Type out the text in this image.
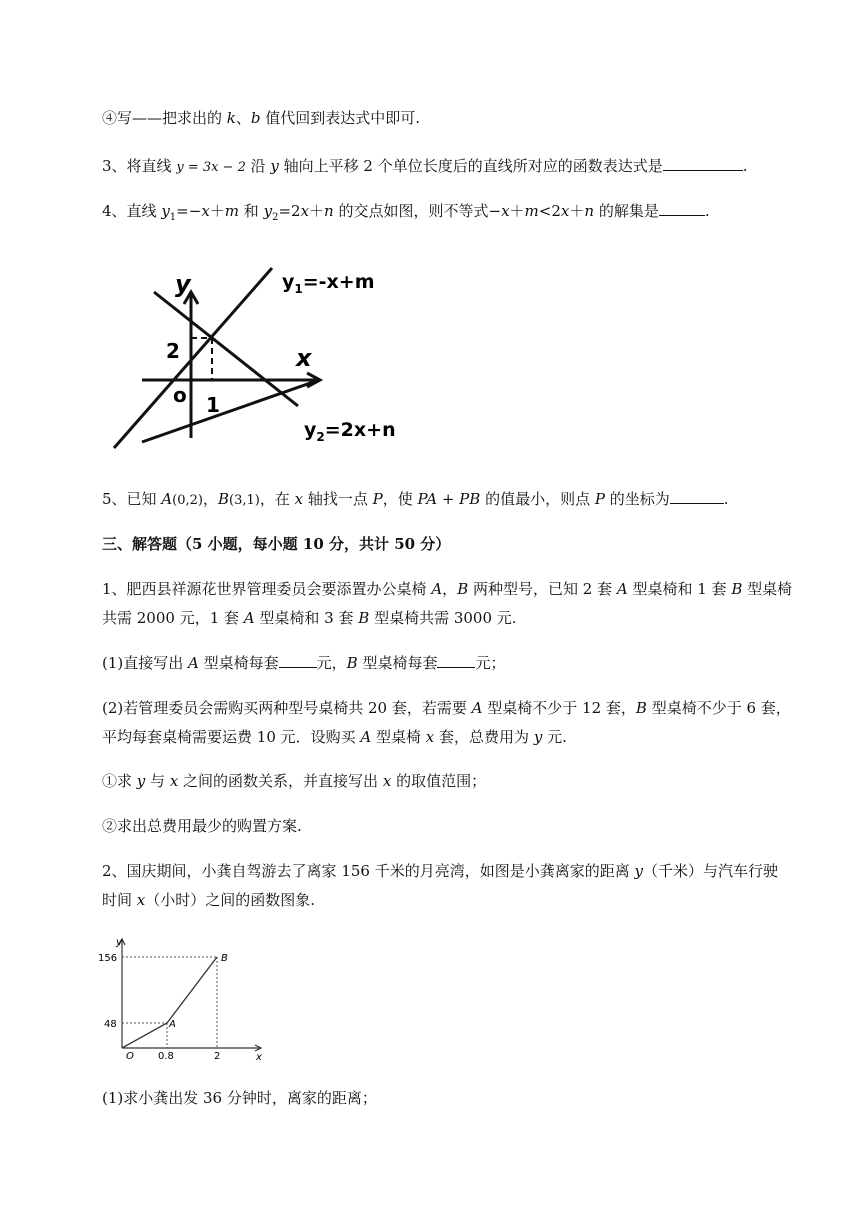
④写——把求出的 k、b 值代回到表达式中即可.
3、将直线 y = 3x − 2 沿 y 轴向上平移 2 个单位长度后的直线所对应的函数表达式是	.
4、直线 $y_1=-x+m$ 和 $y_2=2x+n$ 的交点如图，则不等式−x＋m<2x＋n 的解集是	.
y
x
2
1
o
$y_1=-x+m$
$y_2=2x+n$
5、已知 A(0,2)，B(3,1)，在 x 轴找一点 P，使 PA + PB 的值最小，则点 P 的坐标为	.
三、解答题（5 小题，每小题 10 分，共计 50 分）
1、肥西县祥源花世界管理委员会要添置办公桌椅 A，B 两种型号，已知 2 套 A 型桌椅和 1 套 B 型桌椅
共需 2000 元，1 套 A 型桌椅和 3 套 B 型桌椅共需 3000 元.
(1)直接写出 A 型桌椅每套	元，B 型桌椅每套	元；
(2)若管理委员会需购买两种型号桌椅共 20 套，若需要 A 型桌椅不少于 12 套，B 型桌椅不少于 6 套，
平均每套桌椅需要运费 10 元．设购买 A 型桌椅 x 套，总费用为 y 元.
①求 y 与 x 之间的函数关系，并直接写出 x 的取值范围；
②求出总费用最少的购置方案.
2、国庆期间，小龚自驾游去了离家 156 千米的月亮湾，如图是小龚离家的距离 y（千米）与汽车行驶
时间 x（小时）之间的函数图象.
y
x
O
156
48
0.8	2
A
B
(1)求小龚出发 36 分钟时，离家的距离；
